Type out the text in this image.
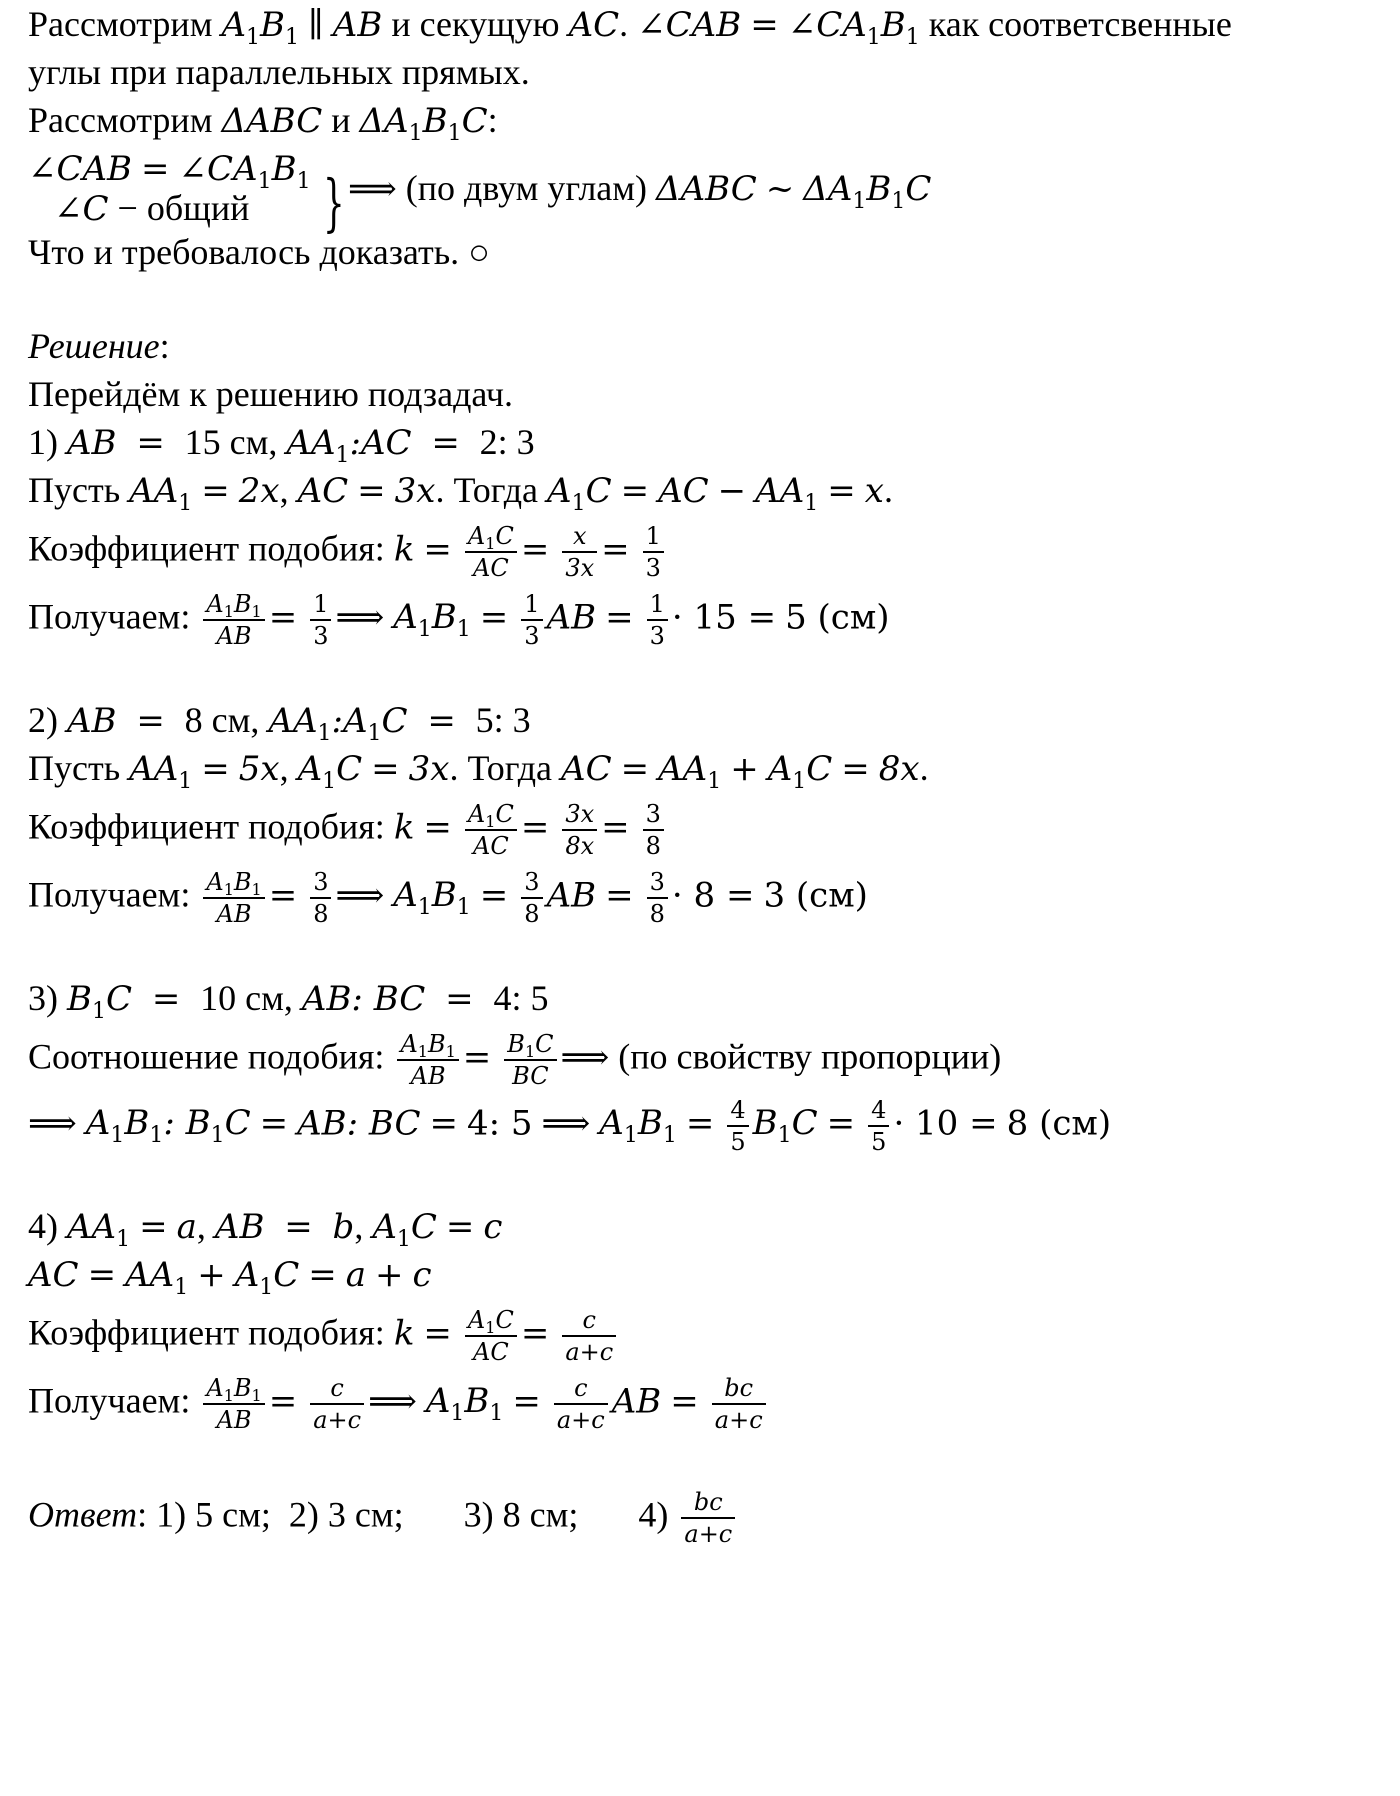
Рассмотрим $A_1B_1$ ∥ AB и секущую AC. ∠CAB = $\angle CA_1B_1$ как соответсвенные
углы при параллельных прямых.
Рассмотрим ΔABC и $\Delta A_1B_1C$:
∠CAB = $\angle CA_1B_1$
∠C − общий } ⟹ (по двум углам) ΔABC ~ $\Delta A_1B_1C$
Что и требовалось доказать. ○
Решение:
Перейдём к решению подзадач.
1) AB  =  15 см, $AA_1:AC = 2$: 3
Пусть $AA_1 = 2x$, AC = 3x. Тогда $A_1C$ = AC − $AA_1 = x$.
Коэффициент подобия: $k = \frac{A_1C}{AC} = \frac{x}{3x} = \frac{1}{3}$
Получаем: $\frac{A_1B_1}{AB} = \frac{1}{3}$ ⟹ $A_1B_1 = \frac{1}{3}$ AB = $\frac{1}{3} \cdot 15 = 5$ (см)
2) AB  =  8 см, $AA_1:A_1C = 5$: 3
Пусть $AA_1 = 5x$, $A_1C = 3x$. Тогда AC = $AA_1 + A_1C = 8x$.
Коэффициент подобия: $k = \frac{A_1C}{AC} = \frac{3x}{8x} = \frac{3}{8}$
Получаем: $\frac{A_1B_1}{AB} = \frac{3}{8}$ ⟹ $A_1B_1 = \frac{3}{8}$ AB = $\frac{3}{8} \cdot 8 = 3$ (см)
3) $B_1C = 10$ см, AB: BC  =  4: 5
Соотношение подобия: $\frac{A_1B_1}{AB} = \frac{B_1C}{BC}$ ⟹ (по свойству пропорции)
⟹ $A_1B_1$: $B_1C$ = AB: BC = 4: 5 ⟹ $A_1B_1 = \frac{4}{5} B_1C = \frac{4}{5} \cdot 10 = 8$ (см)
4) $AA_1 = a$, AB  =  b, $A_1C = c$
AC = $AA_1 + A_1C = a + c$
Коэффициент подобия: $k = \frac{A_1C}{AC} = \frac{c}{a+c}$
Получаем: $\frac{A_1B_1}{AB} = \frac{c}{a+c}$ ⟹ $A_1B_1 = \frac{c}{a+c}$ AB = $\frac{bc}{a+c}$
Ответ: 1) 5 см; 2) 3 см; 3) 8 см; $4) \frac{bc}{a+c}$
